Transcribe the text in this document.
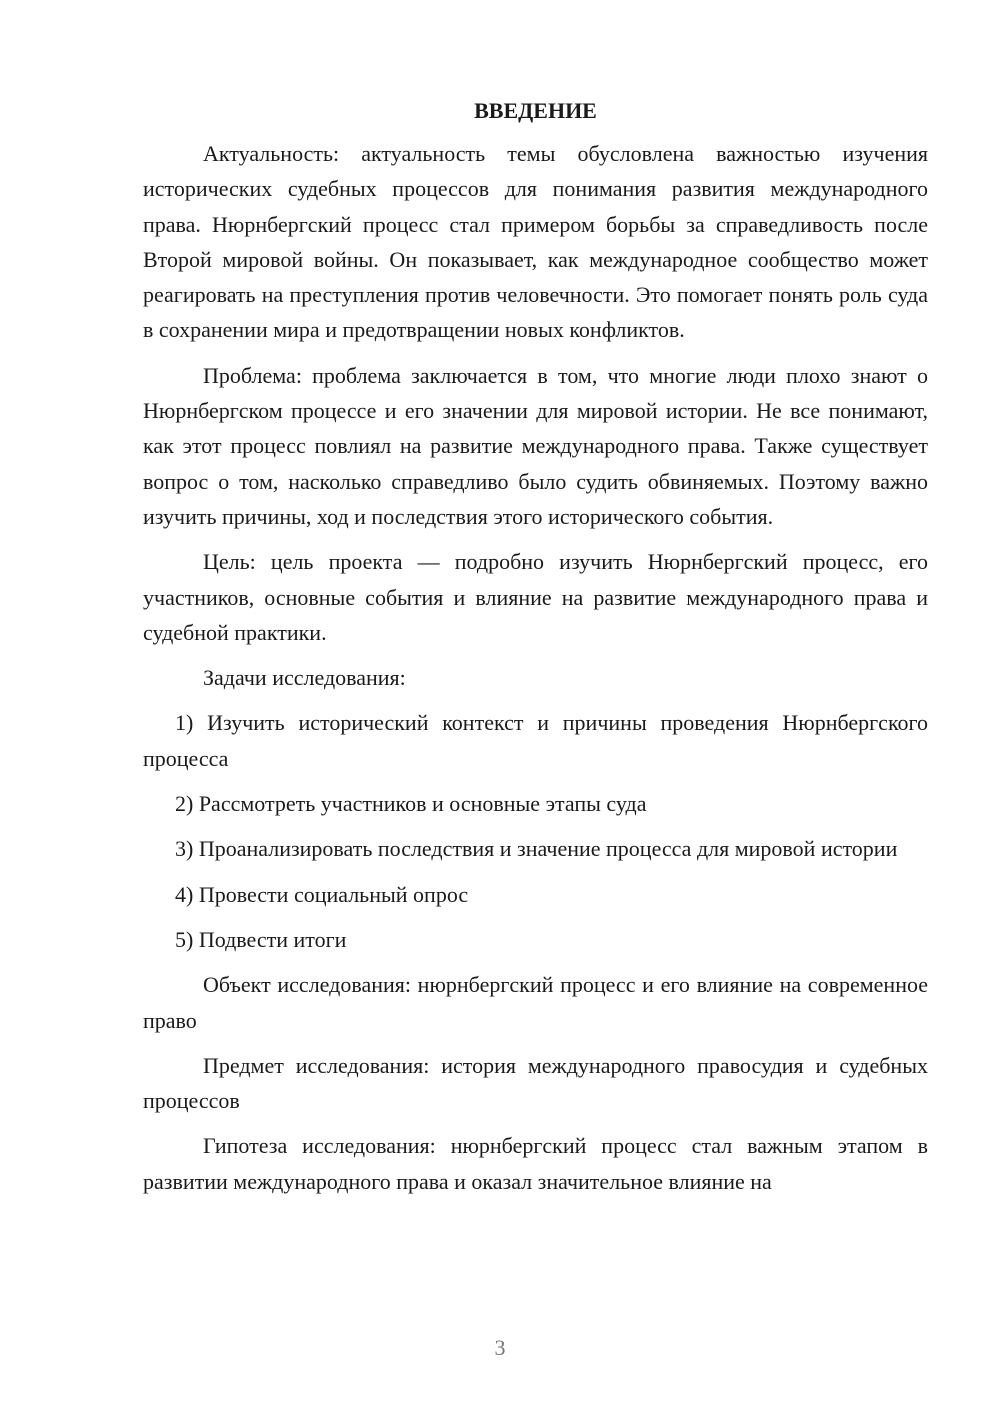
ВВЕДЕНИЕ

Актуальность: актуальность темы обусловлена важностью изучения исторических судебных процессов для понимания развития международного права. Нюрнбергский процесс стал примером борьбы за справедливость после Второй мировой войны. Он показывает, как международное сообщество может реагировать на преступления против человечности. Это помогает понять роль суда в сохранении мира и предотвращении новых конфликтов.

Проблема: проблема заключается в том, что многие люди плохо знают о Нюрнбергском процессе и его значении для мировой истории. Не все понимают, как этот процесс повлиял на развитие международного права. Также существует вопрос о том, насколько справедливо было судить обвиняемых. Поэтому важно изучить причины, ход и последствия этого исторического события.

Цель: цель проекта — подробно изучить Нюрнбергский процесс, его участников, основные события и влияние на развитие международного права и судебной практики.

Задачи исследования:

1) Изучить исторический контекст и причины проведения Нюрнбергского процесса

2) Рассмотреть участников и основные этапы суда

3) Проанализировать последствия и значение процесса для мировой истории

4) Провести социальный опрос

5) Подвести итоги

Объект исследования: нюрнбергский процесс и его влияние на современное право

Предмет исследования: история международного правосудия и судебных процессов

Гипотеза исследования: нюрнбергский процесс стал важным этапом в развитии международного права и оказал значительное влияние на

3
